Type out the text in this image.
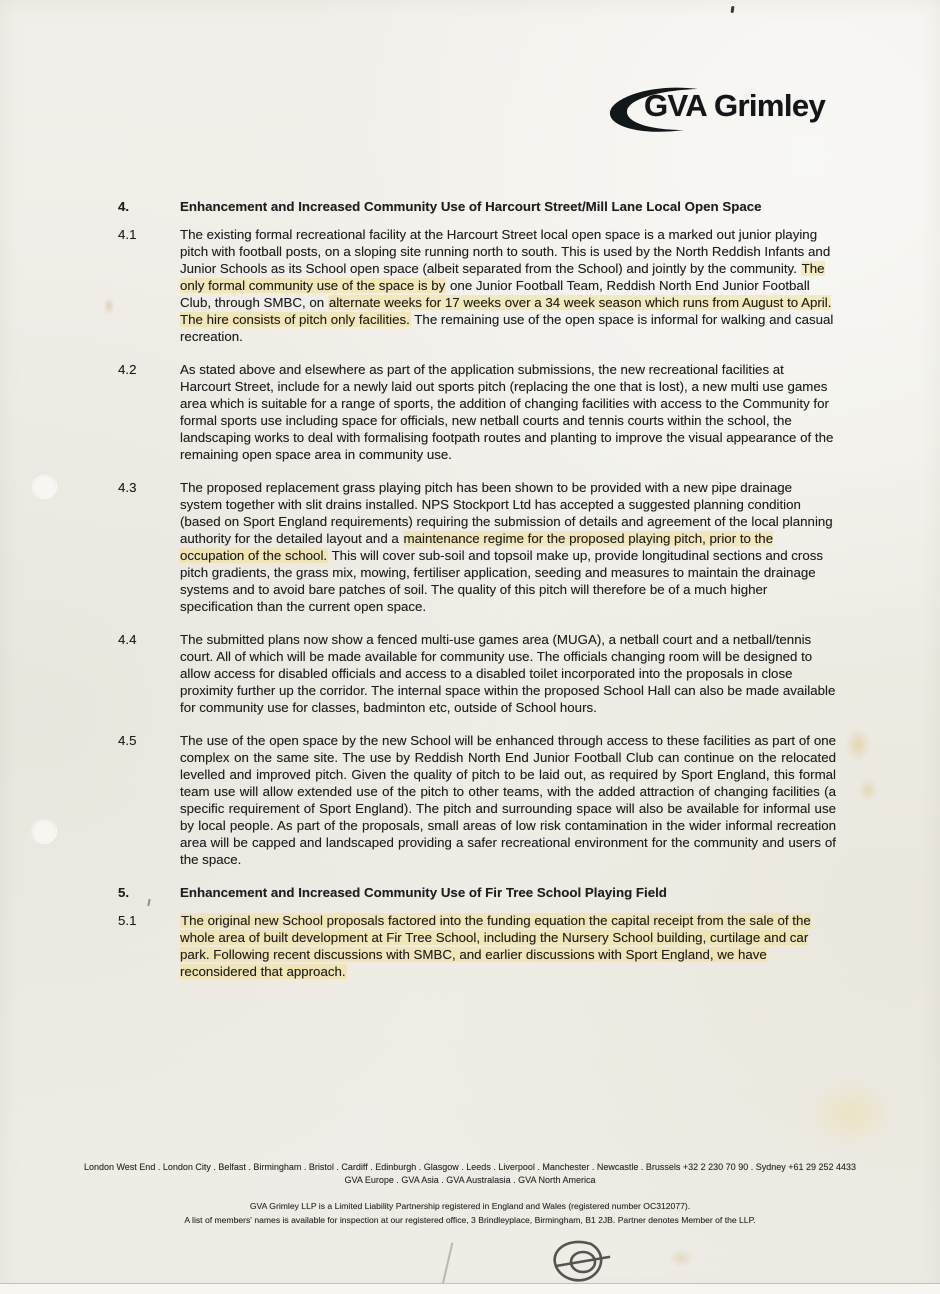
GVA Grimley
4.	Enhancement and Increased Community Use of Harcourt Street/Mill Lane Local Open Space
4.1	The existing formal recreational facility at the Harcourt Street local open space is a marked out junior playing pitch with football posts, on a sloping site running north to south. This is used by the North Reddish Infants and Junior Schools as its School open space (albeit separated from the School) and jointly by the community. The only formal community use of the space is by one Junior Football Team, Reddish North End Junior Football Club, through SMBC, on alternate weeks for 17 weeks over a 34 week season which runs from August to April. The hire consists of pitch only facilities. The remaining use of the open space is informal for walking and casual recreation.
4.2	As stated above and elsewhere as part of the application submissions, the new recreational facilities at Harcourt Street, include for a newly laid out sports pitch (replacing the one that is lost), a new multi use games area which is suitable for a range of sports, the addition of changing facilities with access to the Community for formal sports use including space for officials, new netball courts and tennis courts within the school, the landscaping works to deal with formalising footpath routes and planting to improve the visual appearance of the remaining open space area in community use.
4.3	The proposed replacement grass playing pitch has been shown to be provided with a new pipe drainage system together with slit drains installed. NPS Stockport Ltd has accepted a suggested planning condition (based on Sport England requirements) requiring the submission of details and agreement of the local planning authority for the detailed layout and a maintenance regime for the proposed playing pitch, prior to the occupation of the school. This will cover sub-soil and topsoil make up, provide longitudinal sections and cross pitch gradients, the grass mix, mowing, fertiliser application, seeding and measures to maintain the drainage systems and to avoid bare patches of soil. The quality of this pitch will therefore be of a much higher specification than the current open space.
4.4	The submitted plans now show a fenced multi-use games area (MUGA), a netball court and a netball/tennis court. All of which will be made available for community use. The officials changing room will be designed to allow access for disabled officials and access to a disabled toilet incorporated into the proposals in close proximity further up the corridor. The internal space within the proposed School Hall can also be made available for community use for classes, badminton etc, outside of School hours.
4.5	The use of the open space by the new School will be enhanced through access to these facilities as part of one complex on the same site. The use by Reddish North End Junior Football Club can continue on the relocated levelled and improved pitch. Given the quality of pitch to be laid out, as required by Sport England, this formal team use will allow extended use of the pitch to other teams, with the added attraction of changing facilities (a specific requirement of Sport England). The pitch and surrounding space will also be available for informal use by local people. As part of the proposals, small areas of low risk contamination in the wider informal recreation area will be capped and landscaped providing a safer recreational environment for the community and users of the space.
5.	Enhancement and Increased Community Use of Fir Tree School Playing Field
5.1	The original new School proposals factored into the funding equation the capital receipt from the sale of the whole area of built development at Fir Tree School, including the Nursery School building, curtilage and car park. Following recent discussions with SMBC, and earlier discussions with Sport England, we have reconsidered that approach.
London West End . London City . Belfast . Birmingham . Bristol . Cardiff . Edinburgh . Glasgow . Leeds . Liverpool . Manchester . Newcastle . Brussels +32 2 230 70 90 . Sydney +61 29 252 4433
GVA Europe . GVA Asia . GVA Australasia . GVA North America
GVA Grimley LLP is a Limited Liability Partnership registered in England and Wales (registered number OC312077).
A list of members' names is available for inspection at our registered office, 3 Brindleyplace, Birmingham, B1 2JB. Partner denotes Member of the LLP.
